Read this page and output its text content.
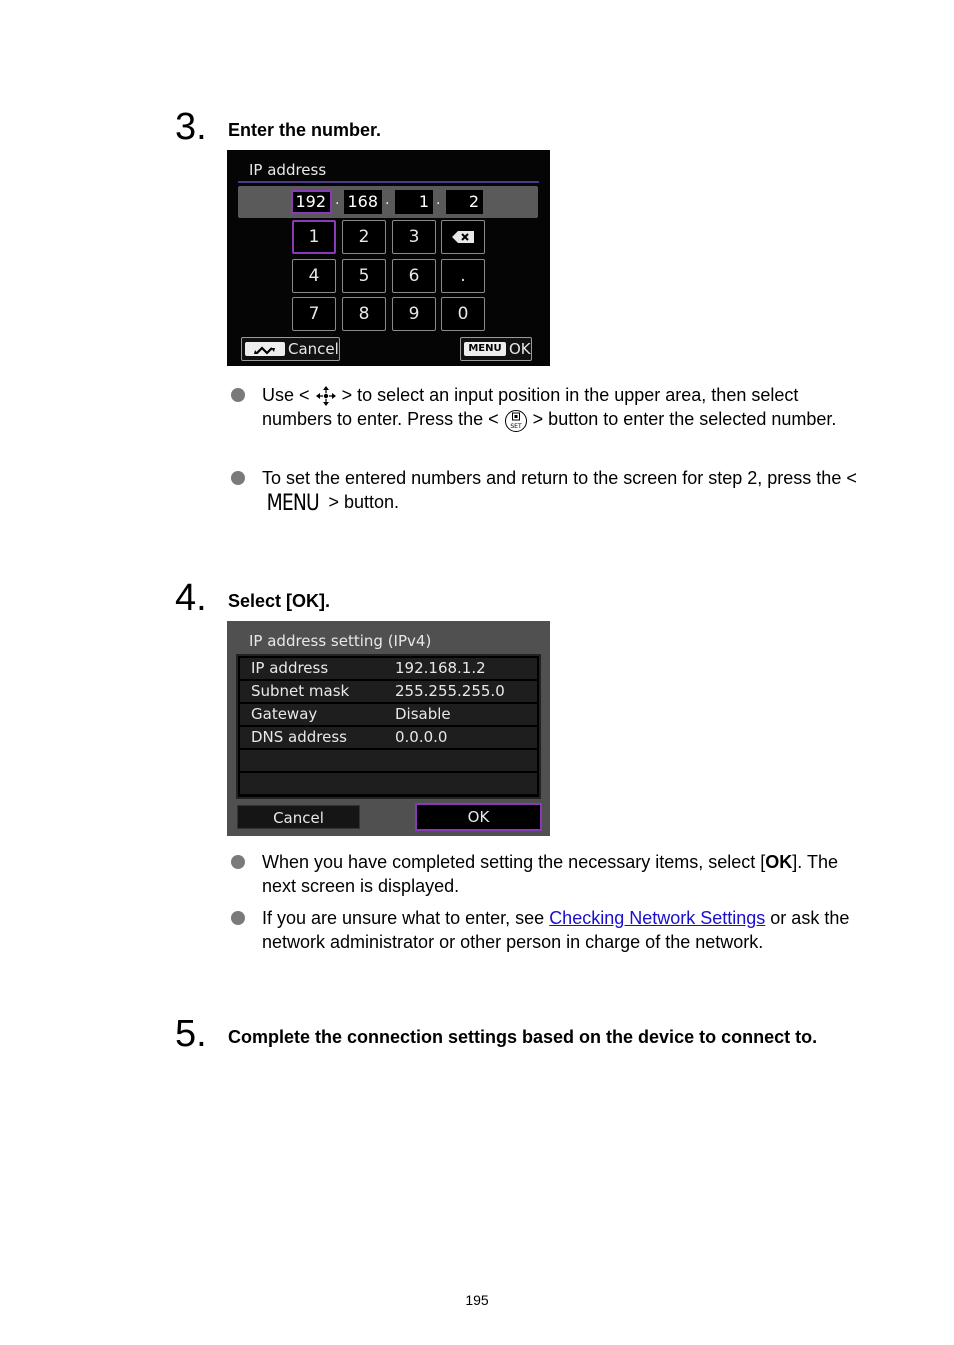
3. Enter the number.
IP address
192 . 168 .	1 .	2
1	2	3
4	5	6	.
7	8	9	0
Cancel	MENU OK
Use < > to select an input position in the upper area, then select numbers to enter. Press the < SET > button to enter the selected number.
To set the entered numbers and return to the screen for step 2, press the < MENU > button.
4. Select [OK].
IP address setting (IPv4)
IP address	192.168.1.2
Subnet mask	255.255.255.0
Gateway	Disable
DNS address	0.0.0.0
Cancel	OK
When you have completed setting the necessary items, select [OK]. The next screen is displayed.
If you are unsure what to enter, see Checking Network Settings or ask the network administrator or other person in charge of the network.
5. Complete the connection settings based on the device to connect to.
195
